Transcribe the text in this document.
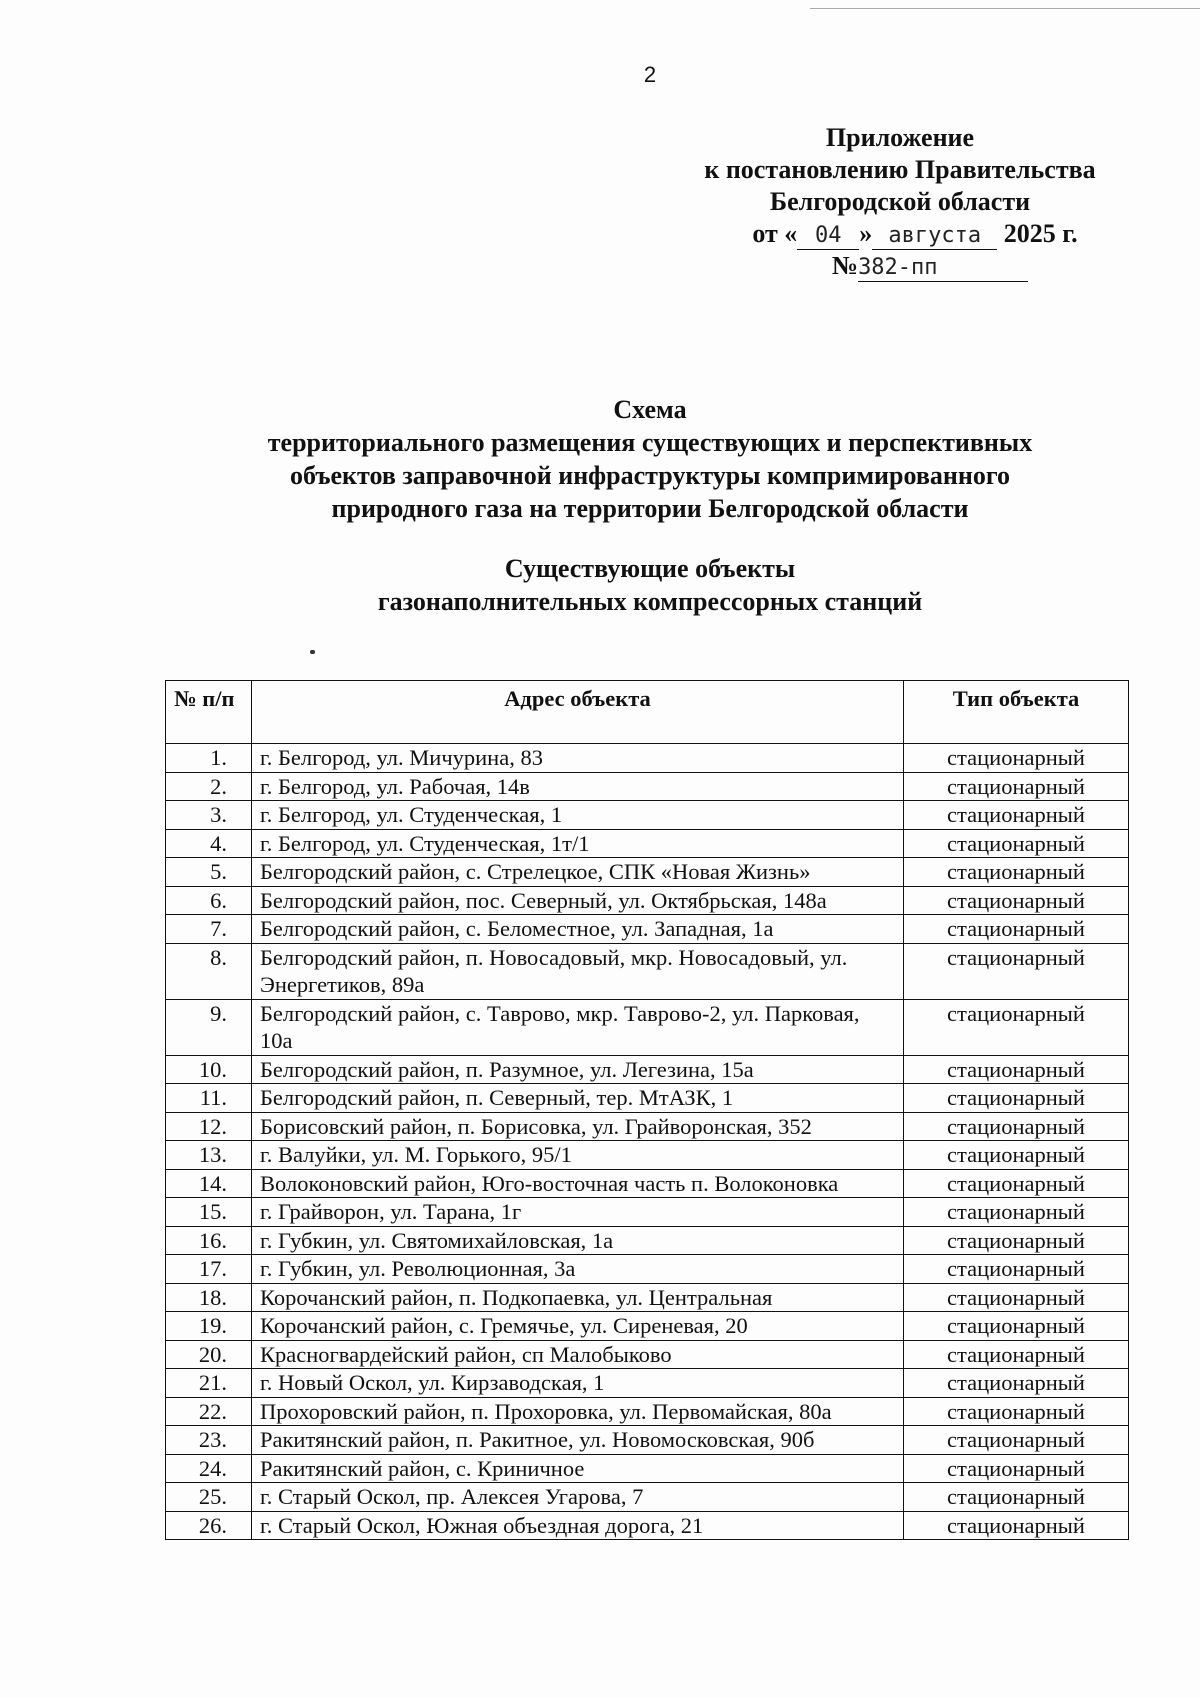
2
Приложение
к постановлению Правительства
Белгородской области
от « 04 » августа 2025 г.
№382-пп
Схема
территориального размещения существующих и перспективных
объектов заправочной инфраструктуры компримированного
природного газа на территории Белгородской области
Существующие объекты
газонаполнительных компрессорных станций
№ п/п	Адрес объекта	Тип объекта
1.	г. Белгород, ул. Мичурина, 83	стационарный
2.	г. Белгород, ул. Рабочая, 14в	стационарный
3.	г. Белгород, ул. Студенческая, 1	стационарный
4.	г. Белгород, ул. Студенческая, 1т/1	стационарный
5.	Белгородский район, с. Стрелецкое, СПК «Новая Жизнь»	стационарный
6.	Белгородский район, пос. Северный, ул. Октябрьская, 148а	стационарный
7.	Белгородский район, с. Беломестное, ул. Западная, 1а	стационарный
8.	Белгородский район, п. Новосадовый, мкр. Новосадовый, ул. Энергетиков, 89а	стационарный
9.	Белгородский район, с. Таврово, мкр. Таврово-2, ул. Парковая, 10а	стационарный
10.	Белгородский район, п. Разумное, ул. Легезина, 15а	стационарный
11.	Белгородский район, п. Северный, тер. МтАЗК, 1	стационарный
12.	Борисовский район, п. Борисовка, ул. Грайворонская, 352	стационарный
13.	г. Валуйки, ул. М. Горького, 95/1	стационарный
14.	Волоконовский район, Юго-восточная часть п. Волоконовка	стационарный
15.	г. Грайворон, ул. Тарана, 1г	стационарный
16.	г. Губкин, ул. Святомихайловская, 1а	стационарный
17.	г. Губкин, ул. Революционная, 3а	стационарный
18.	Корочанский район, п. Подкопаевка, ул. Центральная	стационарный
19.	Корочанский район, с. Гремячье, ул. Сиреневая, 20	стационарный
20.	Красногвардейский район, сп Малобыково	стационарный
21.	г. Новый Оскол, ул. Кирзаводская, 1	стационарный
22.	Прохоровский район, п. Прохоровка, ул. Первомайская, 80а	стационарный
23.	Ракитянский район, п. Ракитное, ул. Новомосковская, 90б	стационарный
24.	Ракитянский район, с. Криничное	стационарный
25.	г. Старый Оскол, пр. Алексея Угарова, 7	стационарный
26.	г. Старый Оскол, Южная объездная дорога, 21	стационарный
